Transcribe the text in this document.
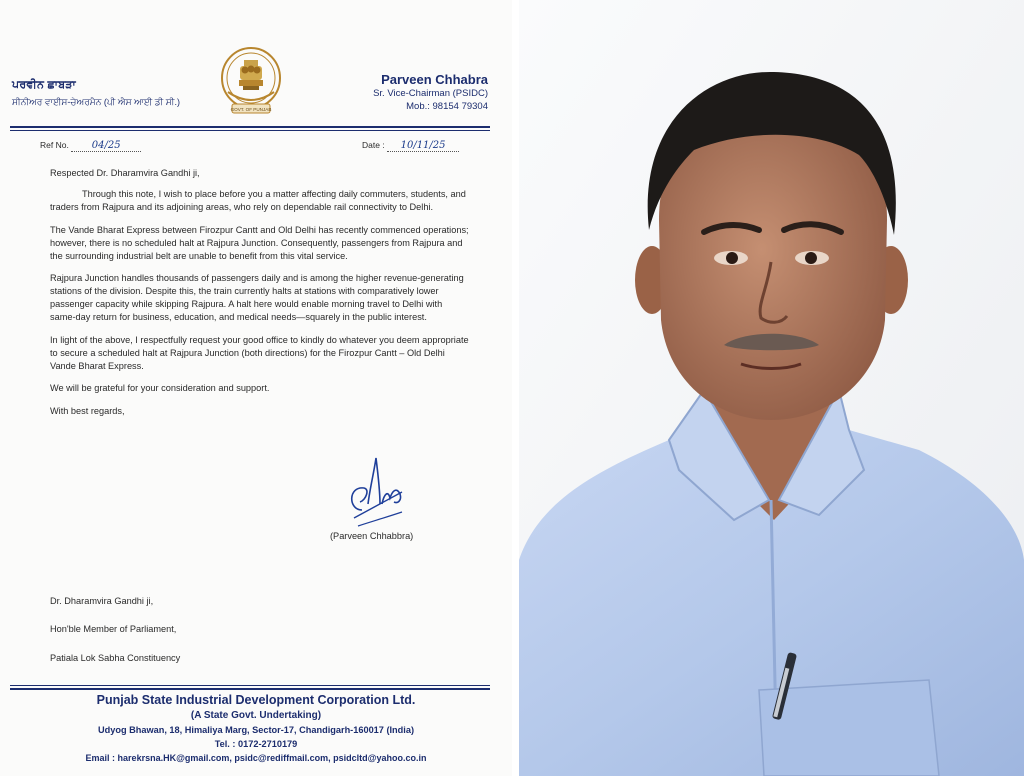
GOVT. OF PUNJAB
ਪਰਵੀਨ ਛਾਬੜਾ
ਸੀਨੀਅਰ ਵਾਈਸ-ਚੇਅਰਮੈਨ (ਪੀ ਐਸ ਆਈ ਡੀ ਸੀ.)
Parveen Chhabra
Sr. Vice-Chairman (PSIDC)
Mob.: 98154 79304
Ref No. 04/25	Date : 10/11/25
Respected Dr. Dharamvira Gandhi ji,

Through this note, I wish to place before you a matter affecting daily commuters, students, and traders from Rajpura and its adjoining areas, who rely on dependable rail connectivity to Delhi.

The Vande Bharat Express between Firozpur Cantt and Old Delhi has recently commenced operations; however, there is no scheduled halt at Rajpura Junction. Consequently, passengers from Rajpura and the surrounding industrial belt are unable to benefit from this vital service.

Rajpura Junction handles thousands of passengers daily and is among the higher revenue-generating stations of the division. Despite this, the train currently halts at stations with comparatively lower passenger capacity while skipping Rajpura. A halt here would enable morning travel to Delhi with same-day return for business, education, and medical needs—squarely in the public interest.

In light of the above, I respectfully request your good office to kindly do whatever you deem appropriate to secure a scheduled halt at Rajpura Junction (both directions) for the Firozpur Cantt – Old Delhi Vande Bharat Express.

We will be grateful for your consideration and support.

With best regards,

(Parveen Chhabbra)
Dr. Dharamvira Gandhi ji,
Hon'ble Member of Parliament,
Patiala Lok Sabha Constituency
Punjab State Industrial Development Corporation Ltd.
(A State Govt. Undertaking)
Udyog Bhawan, 18, Himaliya Marg, Sector-17, Chandigarh-160017 (India)
Tel. : 0172-2710179
Email : harekrsna.HK@gmail.com, psidc@rediffmail.com, psidcltd@yahoo.co.in
